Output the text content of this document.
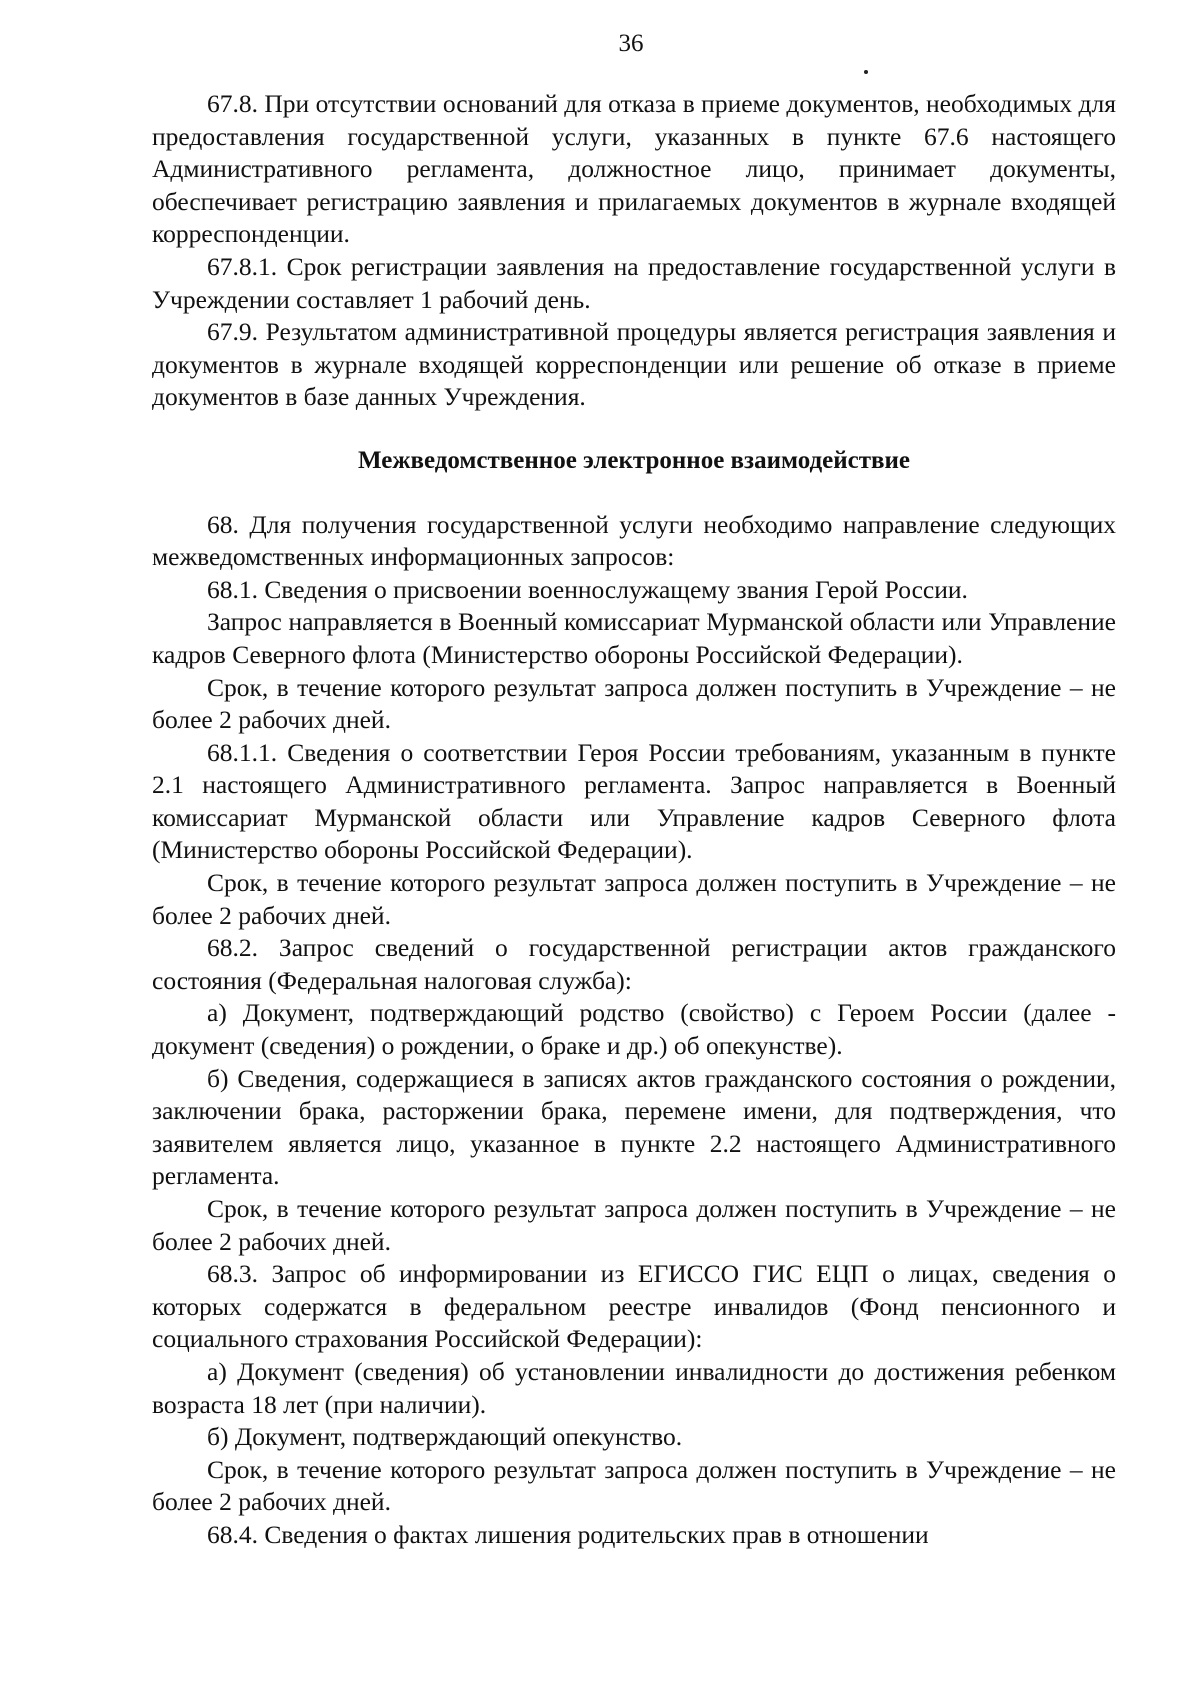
36

67.8. При отсутствии оснований для отказа в приеме документов, необходимых для предоставления государственной услуги, указанных в пункте 67.6 настоящего Административного регламента, должностное лицо, принимает документы, обеспечивает регистрацию заявления и прилагаемых документов в журнале входящей корреспонденции.

67.8.1. Срок регистрации заявления на предоставление государственной услуги в Учреждении составляет 1 рабочий день.

67.9. Результатом административной процедуры является регистрация заявления и документов в журнале входящей корреспонденции или решение об отказе в приеме документов в базе данных Учреждения.

Межведомственное электронное взаимодействие

68. Для получения государственной услуги необходимо направление следующих межведомственных информационных запросов:

68.1. Сведения о присвоении военнослужащему звания Герой России.

Запрос направляется в Военный комиссариат Мурманской области или Управление кадров Северного флота (Министерство обороны Российской Федерации).

Срок, в течение которого результат запроса должен поступить в Учреждение – не более 2 рабочих дней.

68.1.1. Сведения о соответствии Героя России требованиям, указанным в пункте 2.1 настоящего Административного регламента. Запрос направляется в Военный комиссариат Мурманской области или Управление кадров Северного флота (Министерство обороны Российской Федерации).

Срок, в течение которого результат запроса должен поступить в Учреждение – не более 2 рабочих дней.

68.2. Запрос сведений о государственной регистрации актов гражданского состояния (Федеральная налоговая служба):

а) Документ, подтверждающий родство (свойство) с Героем России (далее - документ (сведения) о рождении, о браке и др.) об опекунстве).

б) Сведения, содержащиеся в записях актов гражданского состояния о рождении, заключении брака, расторжении брака, перемене имени, для подтверждения, что заявителем является лицо, указанное в пункте 2.2 настоящего Административного регламента.

Срок, в течение которого результат запроса должен поступить в Учреждение – не более 2 рабочих дней.

68.3. Запрос об информировании из ЕГИССО ГИС ЕЦП о лицах, сведения о которых содержатся в федеральном реестре инвалидов (Фонд пенсионного и социального страхования Российской Федерации):

а) Документ (сведения) об установлении инвалидности до достижения ребенком возраста 18 лет (при наличии).

б) Документ, подтверждающий опекунство.

Срок, в течение которого результат запроса должен поступить в Учреждение – не более 2 рабочих дней.

68.4. Сведения о фактах лишения родительских прав в отношении
